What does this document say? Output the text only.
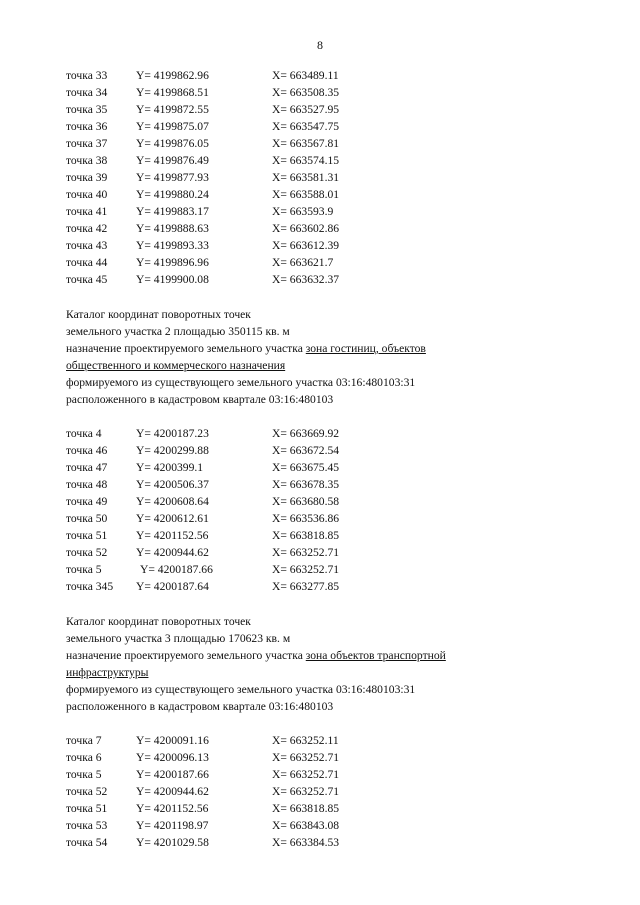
8
точка 33 Y= 4199862.96	X= 663489.11
точка 34 Y= 4199868.51	X= 663508.35
точка 35 Y= 4199872.55	X= 663527.95
точка 36 Y= 4199875.07	X= 663547.75
точка 37 Y= 4199876.05	X= 663567.81
точка 38 Y= 4199876.49	X= 663574.15
точка 39 Y= 4199877.93	X= 663581.31
точка 40 Y= 4199880.24	X= 663588.01
точка 41 Y= 4199883.17	X= 663593.9
точка 42 Y= 4199888.63	X= 663602.86
точка 43 Y= 4199893.33	X= 663612.39
точка 44 Y= 4199896.96	X= 663621.7
точка 45 Y= 4199900.08	X= 663632.37
Каталог координат поворотных точек
земельного участка 2 площадью 350115 кв. м
назначение проектируемого земельного участка зона гостиниц, объектов
общественного и коммерческого назначения
формируемого из существующего земельного участка 03:16:480103:31
расположенного в кадастровом квартале 03:16:480103
точка 4	Y= 4200187.23	X= 663669.92
точка 46 Y= 4200299.88	X= 663672.54
точка 47 Y= 4200399.1	X= 663675.45
точка 48 Y= 4200506.37	X= 663678.35
точка 49 Y= 4200608.64	X= 663680.58
точка 50 Y= 4200612.61	X= 663536.86
точка 51 Y= 4201152.56	X= 663818.85
точка 52 Y= 4200944.62	X= 663252.71
точка 5	Y= 4200187.66	X= 663252.71
точка 345 Y= 4200187.64	X= 663277.85
Каталог координат поворотных точек
земельного участка 3 площадью 170623 кв. м
назначение проектируемого земельного участка зона объектов транспортной
инфраструктуры
формируемого из существующего земельного участка 03:16:480103:31
расположенного в кадастровом квартале 03:16:480103
точка 7	Y= 4200091.16	X= 663252.11
точка 6	Y= 4200096.13	X= 663252.71
точка 5	Y= 4200187.66	X= 663252.71
точка 52 Y= 4200944.62	X= 663252.71
точка 51 Y= 4201152.56	X= 663818.85
точка 53 Y= 4201198.97	X= 663843.08
точка 54 Y= 4201029.58	X= 663384.53
